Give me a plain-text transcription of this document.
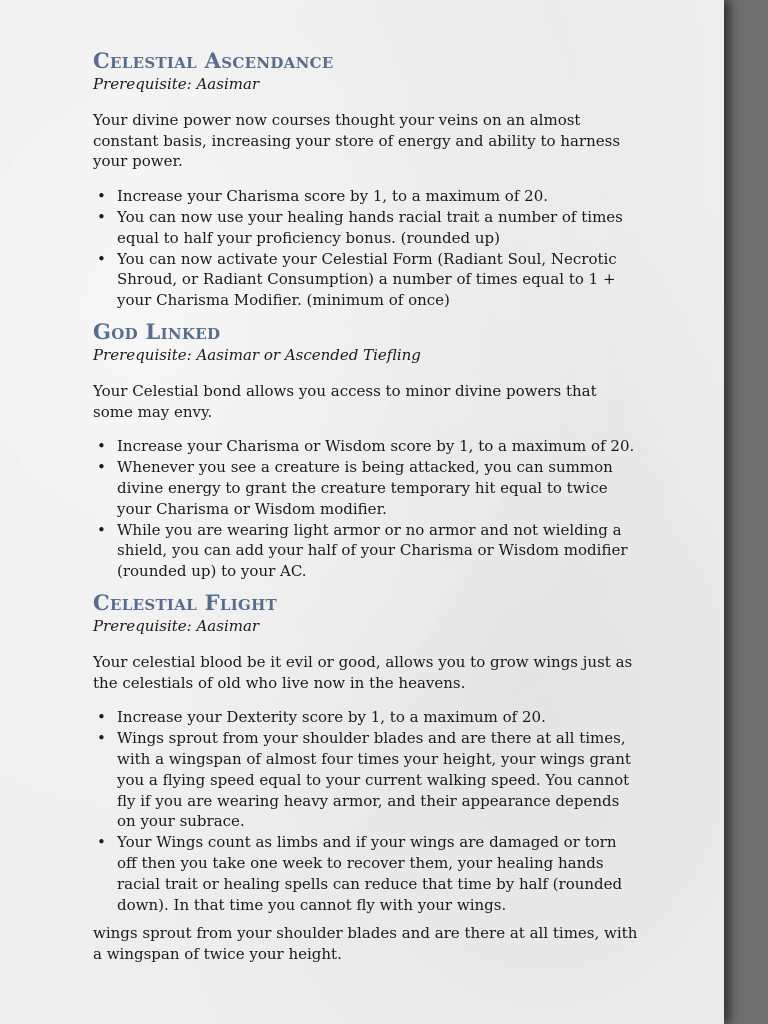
Celestial Ascendance

Prerequisite: Aasimar

Your divine power now courses thought your veins on an almost constant basis, increasing your store of energy and ability to harness your power.

• Increase your Charisma score by 1, to a maximum of 20.
• You can now use your healing hands racial trait a number of times equal to half your proficiency bonus. (rounded up)
• You can now activate your Celestial Form (Radiant Soul, Necrotic Shroud, or Radiant Consumption) a number of times equal to 1 + your Charisma Modifier. (minimum of once)
God Linked

Prerequisite: Aasimar or Ascended Tiefling

Your Celestial bond allows you access to minor divine powers that some may envy.

• Increase your Charisma or Wisdom score by 1, to a maximum of 20.
• Whenever you see a creature is being attacked, you can summon divine energy to grant the creature temporary hit equal to twice your Charisma or Wisdom modifier.
• While you are wearing light armor or no armor and not wielding a shield, you can add your half of your Charisma or Wisdom modifier (rounded up) to your AC.
Celestial Flight

Prerequisite: Aasimar

Your celestial blood be it evil or good, allows you to grow wings just as the celestials of old who live now in the heavens.

• Increase your Dexterity score by 1, to a maximum of 20.
• Wings sprout from your shoulder blades and are there at all times, with a wingspan of almost four times your height, your wings grant you a flying speed equal to your current walking speed. You cannot fly if you are wearing heavy armor, and their appearance depends on your subrace.
• Your Wings count as limbs and if your wings are damaged or torn off then you take one week to recover them, your healing hands racial trait or healing spells can reduce that time by half (rounded down). In that time you cannot fly with your wings.

wings sprout from your shoulder blades and are there at all times, with a wingspan of twice your height.
